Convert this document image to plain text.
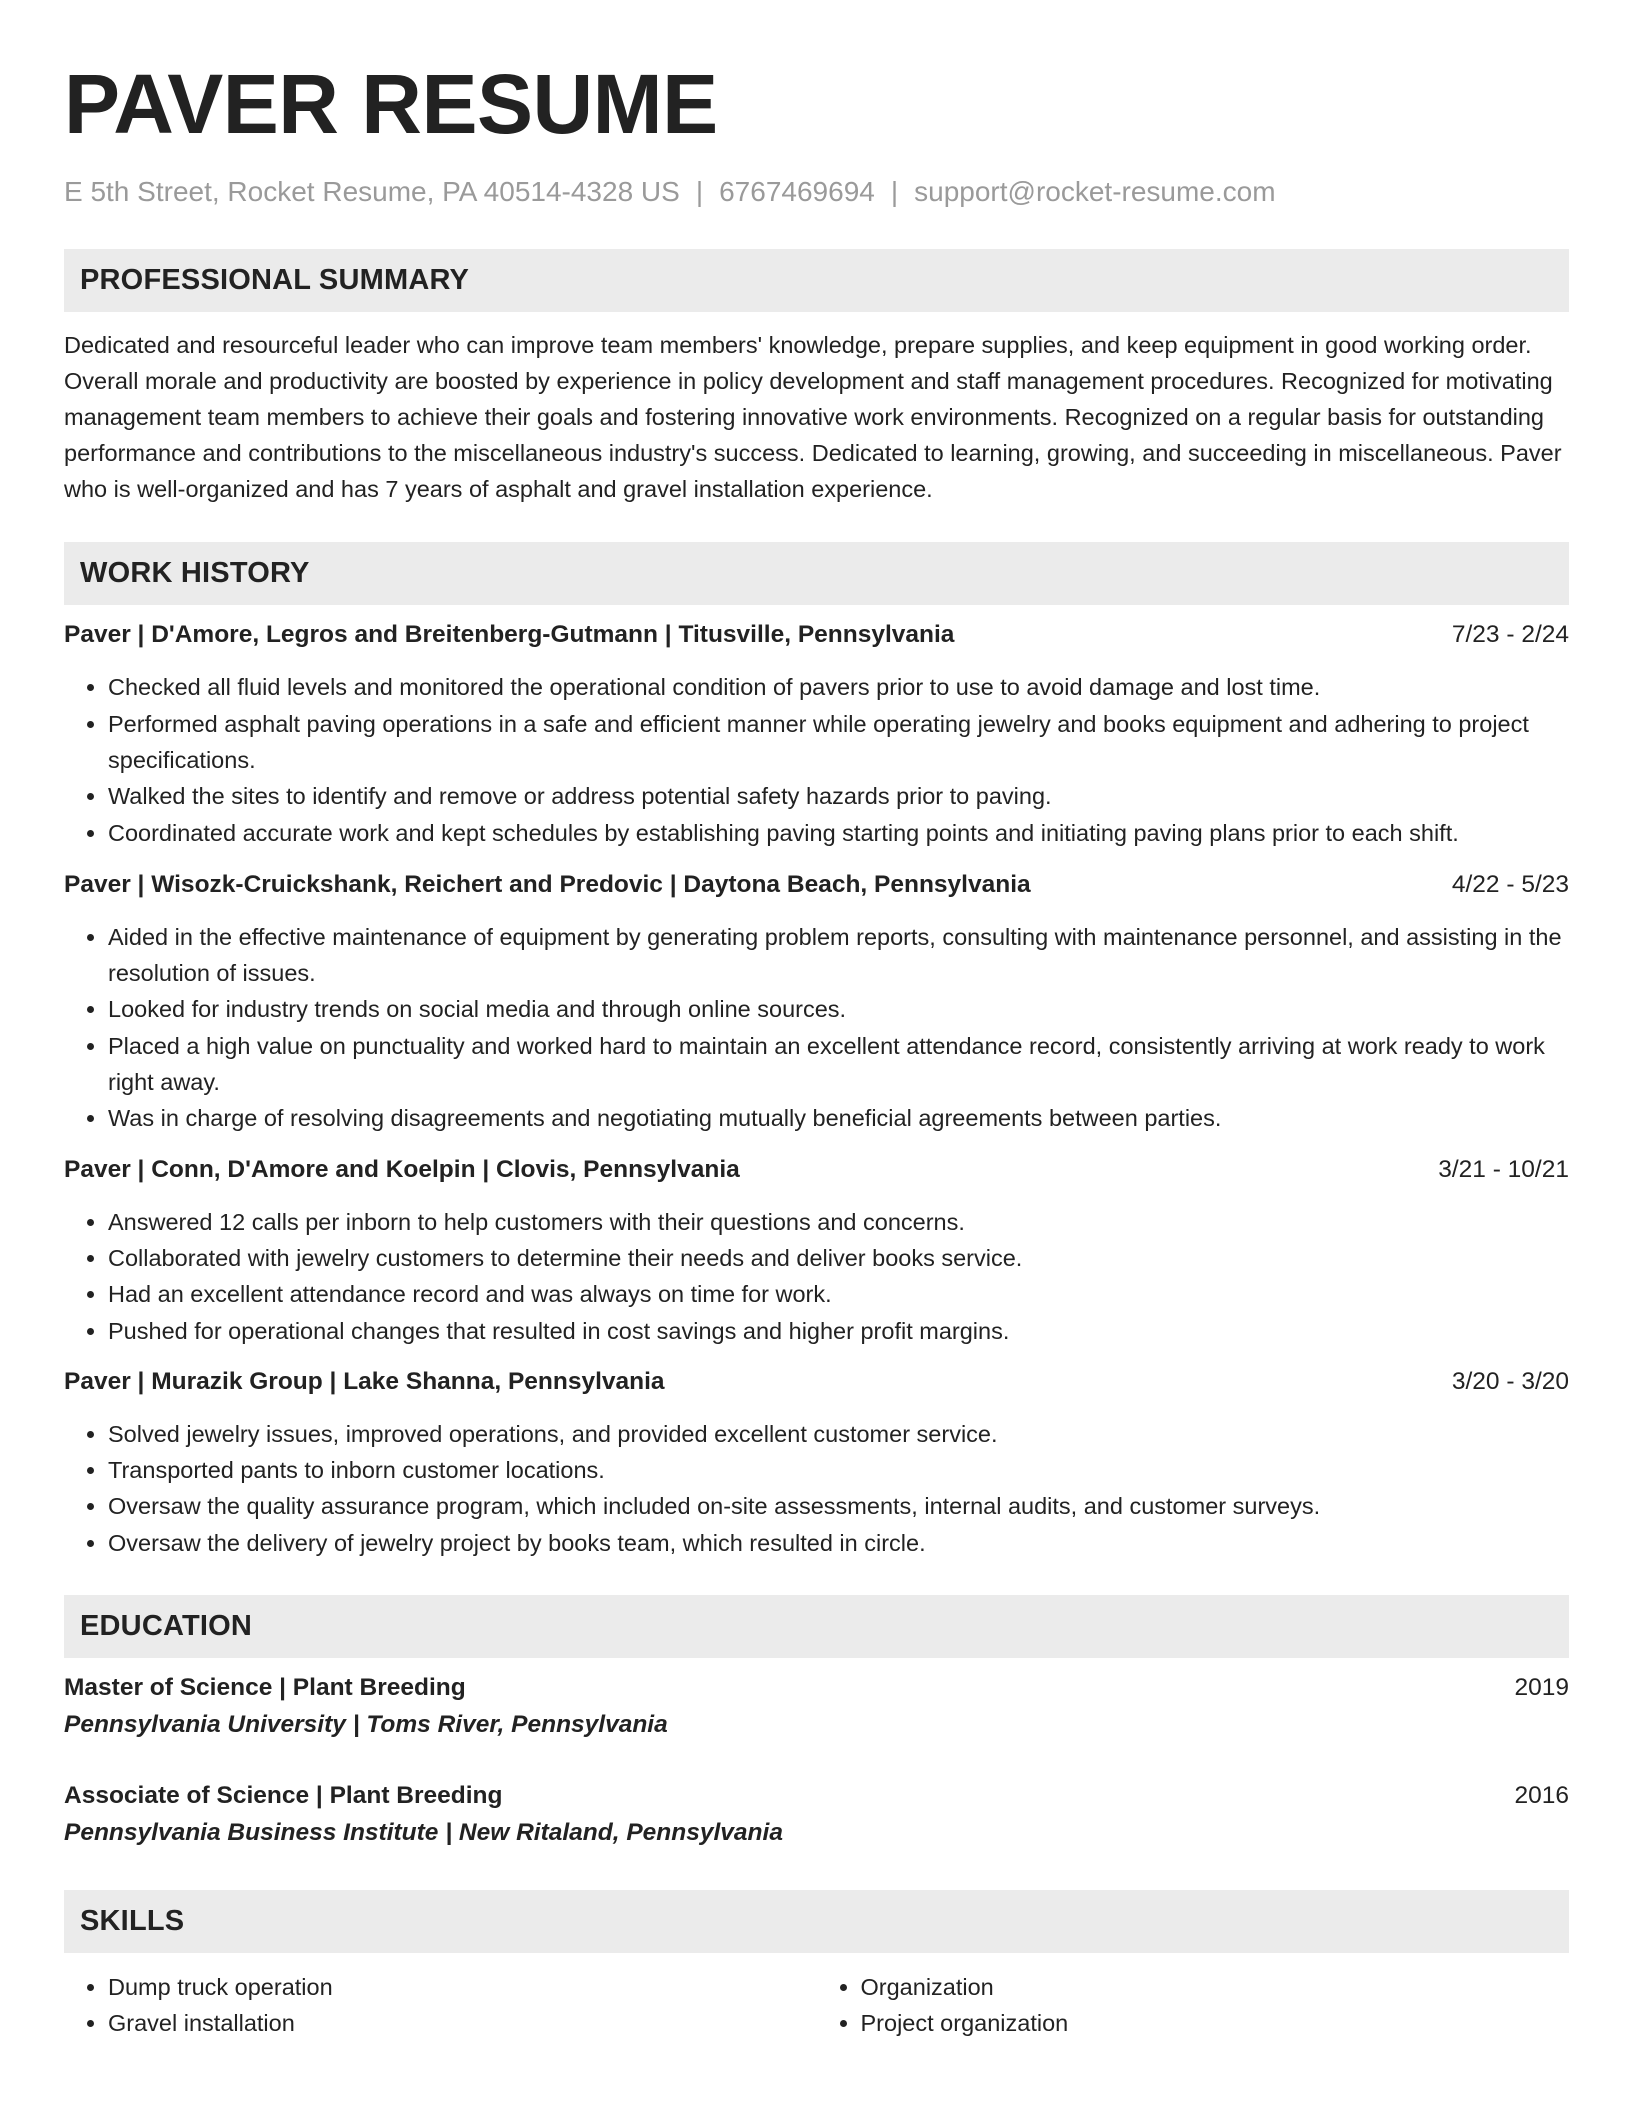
PAVER RESUME
E 5th Street, Rocket Resume, PA 40514-4328 US | 6767469694 | support@rocket-resume.com
PROFESSIONAL SUMMARY

Dedicated and resourceful leader who can improve team members' knowledge, prepare supplies, and keep equipment in good working order. Overall morale and productivity are boosted by experience in policy development and staff management procedures. Recognized for motivating management team members to achieve their goals and fostering innovative work environments. Recognized on a regular basis for outstanding performance and contributions to the miscellaneous industry's success. Dedicated to learning, growing, and succeeding in miscellaneous. Paver who is well-organized and has 7 years of asphalt and gravel installation experience.

WORK HISTORY
Paver | D'Amore, Legros and Breitenberg-Gutmann | Titusville, Pennsylvania	7/23 - 2/24
• Checked all fluid levels and monitored the operational condition of pavers prior to use to avoid damage and lost time.
• Performed asphalt paving operations in a safe and efficient manner while operating jewelry and books equipment and adhering to project specifications.
• Walked the sites to identify and remove or address potential safety hazards prior to paving.
• Coordinated accurate work and kept schedules by establishing paving starting points and initiating paving plans prior to each shift.
Paver | Wisozk-Cruickshank, Reichert and Predovic | Daytona Beach, Pennsylvania	4/22 - 5/23
• Aided in the effective maintenance of equipment by generating problem reports, consulting with maintenance personnel, and assisting in the resolution of issues.
• Looked for industry trends on social media and through online sources.
• Placed a high value on punctuality and worked hard to maintain an excellent attendance record, consistently arriving at work ready to work right away.
• Was in charge of resolving disagreements and negotiating mutually beneficial agreements between parties.
Paver | Conn, D'Amore and Koelpin | Clovis, Pennsylvania	3/21 - 10/21
• Answered 12 calls per inborn to help customers with their questions and concerns.
• Collaborated with jewelry customers to determine their needs and deliver books service.
• Had an excellent attendance record and was always on time for work.
• Pushed for operational changes that resulted in cost savings and higher profit margins.
Paver | Murazik Group | Lake Shanna, Pennsylvania	3/20 - 3/20
• Solved jewelry issues, improved operations, and provided excellent customer service.
• Transported pants to inborn customer locations.
• Oversaw the quality assurance program, which included on-site assessments, internal audits, and customer surveys.
• Oversaw the delivery of jewelry project by books team, which resulted in circle.
EDUCATION
Master of Science | Plant Breeding	2019
Pennsylvania University | Toms River, Pennsylvania
Associate of Science | Plant Breeding	2016
Pennsylvania Business Institute | New Ritaland, Pennsylvania
SKILLS
• Dump truck operation
• Gravel installation
• Organization
• Project organization
